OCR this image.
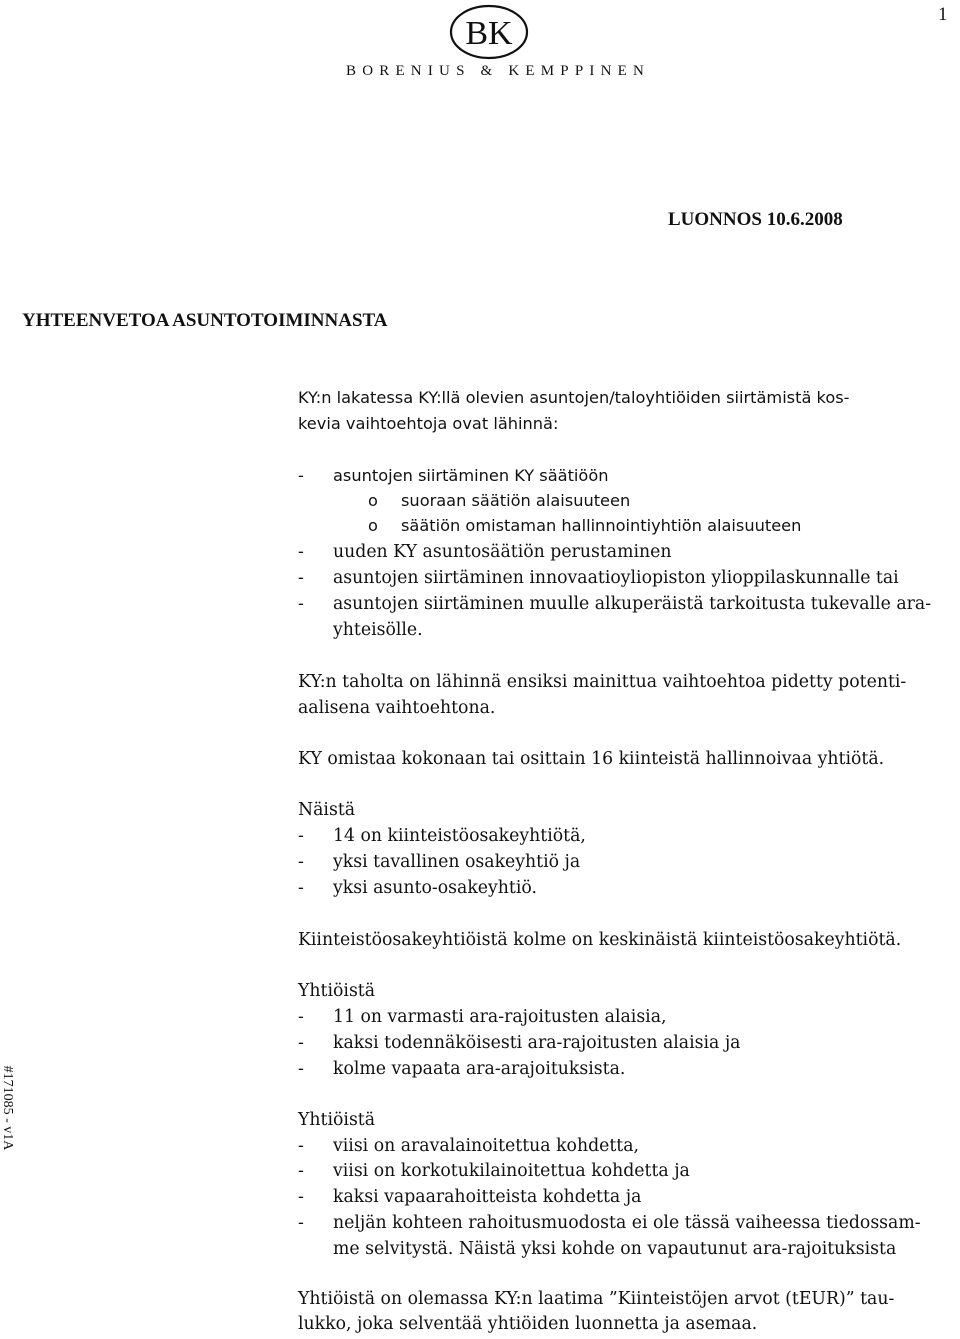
1
BK
BORENIUS & KEMPPINEN
LUONNOS 10.6.2008
YHTEENVETOA ASUNTOTOIMINNASTA
#171085 - v1A
KY:n lakatessa KY:llä olevien asuntojen/taloyhtiöiden siirtämistä kos-
kevia vaihtoehtoja ovat lähinnä:
- asuntojen siirtäminen KY säätiöön
o suoraan säätiön alaisuuteen
o säätiön omistaman hallinnointiyhtiön alaisuuteen
- uuden KY asuntosäätiön perustaminen
- asuntojen siirtäminen innovaatioyliopiston ylioppilaskunnalle tai
- asuntojen siirtäminen muulle alkuperäistä tarkoitusta tukevalle ara-
yhteisölle.
KY:n taholta on lähinnä ensiksi mainittua vaihtoehtoa pidetty potenti-
aalisena vaihtoehtona.
KY omistaa kokonaan tai osittain 16 kiinteistä hallinnoivaa yhtiötä.
Näistä
- 14 on kiinteistöosakeyhtiötä,
- yksi tavallinen osakeyhtiö ja
- yksi asunto-osakeyhtiö.
Kiinteistöosakeyhtiöistä kolme on keskinäistä kiinteistöosakeyhtiötä.
Yhtiöistä
- 11 on varmasti ara-rajoitusten alaisia,
- kaksi todennäköisesti ara-rajoitusten alaisia ja
- kolme vapaata ara-arajoituksista.
Yhtiöistä
- viisi on aravalainoitettua kohdetta,
- viisi on korkotukilainoitettua kohdetta ja
- kaksi vapaarahoitteista kohdetta ja
- neljän kohteen rahoitusmuodosta ei ole tässä vaiheessa tiedossam-
me selvitystä. Näistä yksi kohde on vapautunut ara-rajoituksista
Yhtiöistä on olemassa KY:n laatima ”Kiinteistöjen arvot (tEUR)” tau-
lukko, joka selventää yhtiöiden luonnetta ja asemaa.
